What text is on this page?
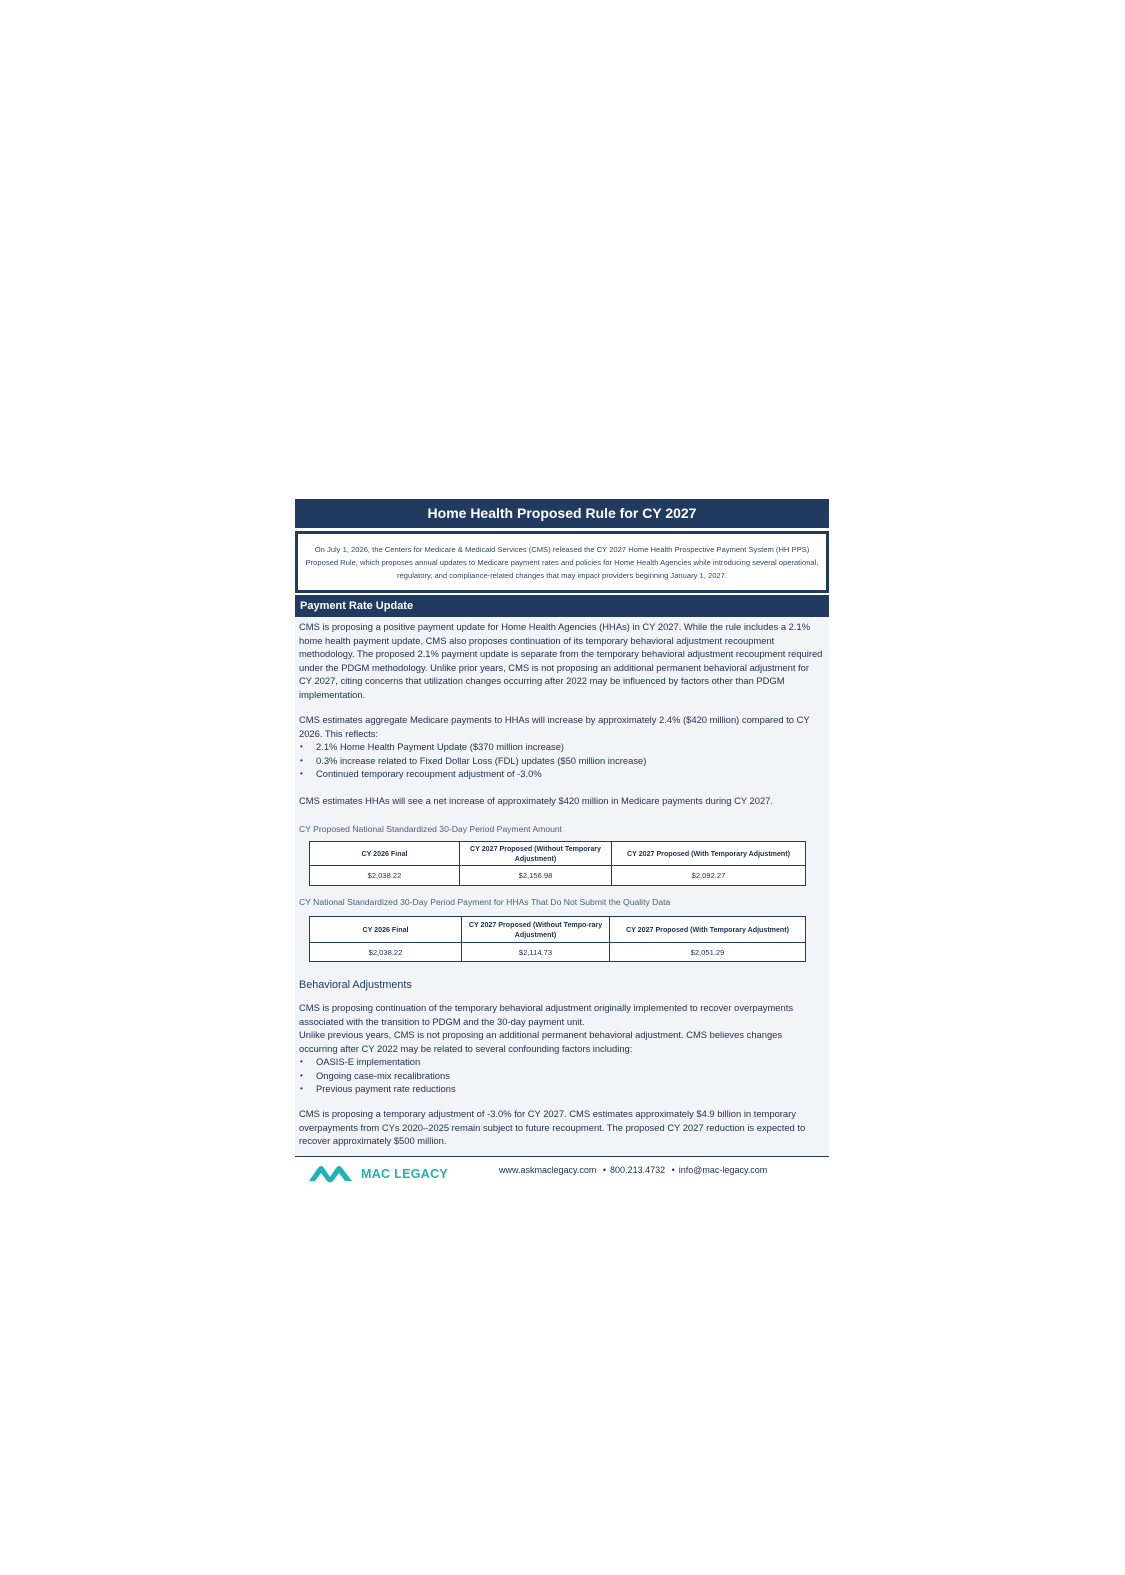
Home Health Proposed Rule for CY 2027

On July 1, 2026, the Centers for Medicare & Medicaid Services (CMS) released the CY 2027 Home Health Prospective Payment System (HH PPS) Proposed Rule, which proposes annual updates to Medicare payment rates and policies for Home Health Agencies while introducing several operational, regulatory, and compliance-related changes that may impact providers beginning January 1, 2027.

Payment Rate Update

CMS is proposing a positive payment update for Home Health Agencies (HHAs) in CY 2027. While the rule includes a 2.1% home health payment update, CMS also proposes continuation of its temporary behavioral adjustment recoupment methodology. The proposed 2.1% payment update is separate from the temporary behavioral adjustment recoupment required under the PDGM methodology. Unlike prior years, CMS is not proposing an additional permanent behavioral adjustment for CY 2027, citing concerns that utilization changes occurring after 2022 may be influenced by factors other than PDGM implementation.

CMS estimates aggregate Medicare payments to HHAs will increase by approximately 2.4% ($420 million) compared to CY 2026. This reflects:

• 2.1% Home Health Payment Update ($370 million increase)
• 0.3% increase related to Fixed Dollar Loss (FDL) updates ($50 million increase)
• Continued temporary recoupment adjustment of -3.0%

CMS estimates HHAs will see a net increase of approximately $420 million in Medicare payments during CY 2027.

CY Proposed National Standardized 30-Day Period Payment Amount
CY 2026 Final	CY 2027 Proposed (Without Temporary Adjustment)	CY 2027 Proposed (With Temporary Adjustment)
$2,038.22	$2,156.98	$2,092.27
CY National Standardized 30-Day Period Payment for HHAs That Do Not Submit the Quality Data
CY 2026 Final	CY 2027 Proposed (Without Tempo-rary Adjustment)	CY 2027 Proposed (With Temporary Adjustment)
$2,038.22	$2,114.73	$2,051.29
Behavioral Adjustments

CMS is proposing continuation of the temporary behavioral adjustment originally implemented to recover overpayments associated with the transition to PDGM and the 30-day payment unit.

Unlike previous years, CMS is not proposing an additional permanent behavioral adjustment. CMS believes changes occurring after CY 2022 may be related to several confounding factors including:

• OASIS-E implementation
• Ongoing case-mix recalibrations
• Previous payment rate reductions

CMS is proposing a temporary adjustment of -3.0% for CY 2027. CMS estimates approximately $4.9 billion in temporary overpayments from CYs 2020–2025 remain subject to future recoupment. The proposed CY 2027 reduction is expected to recover approximately $500 million.

MAC LEGACY	www.askmaclegacy.com • 800.213.4732 • info@mac-legacy.com
